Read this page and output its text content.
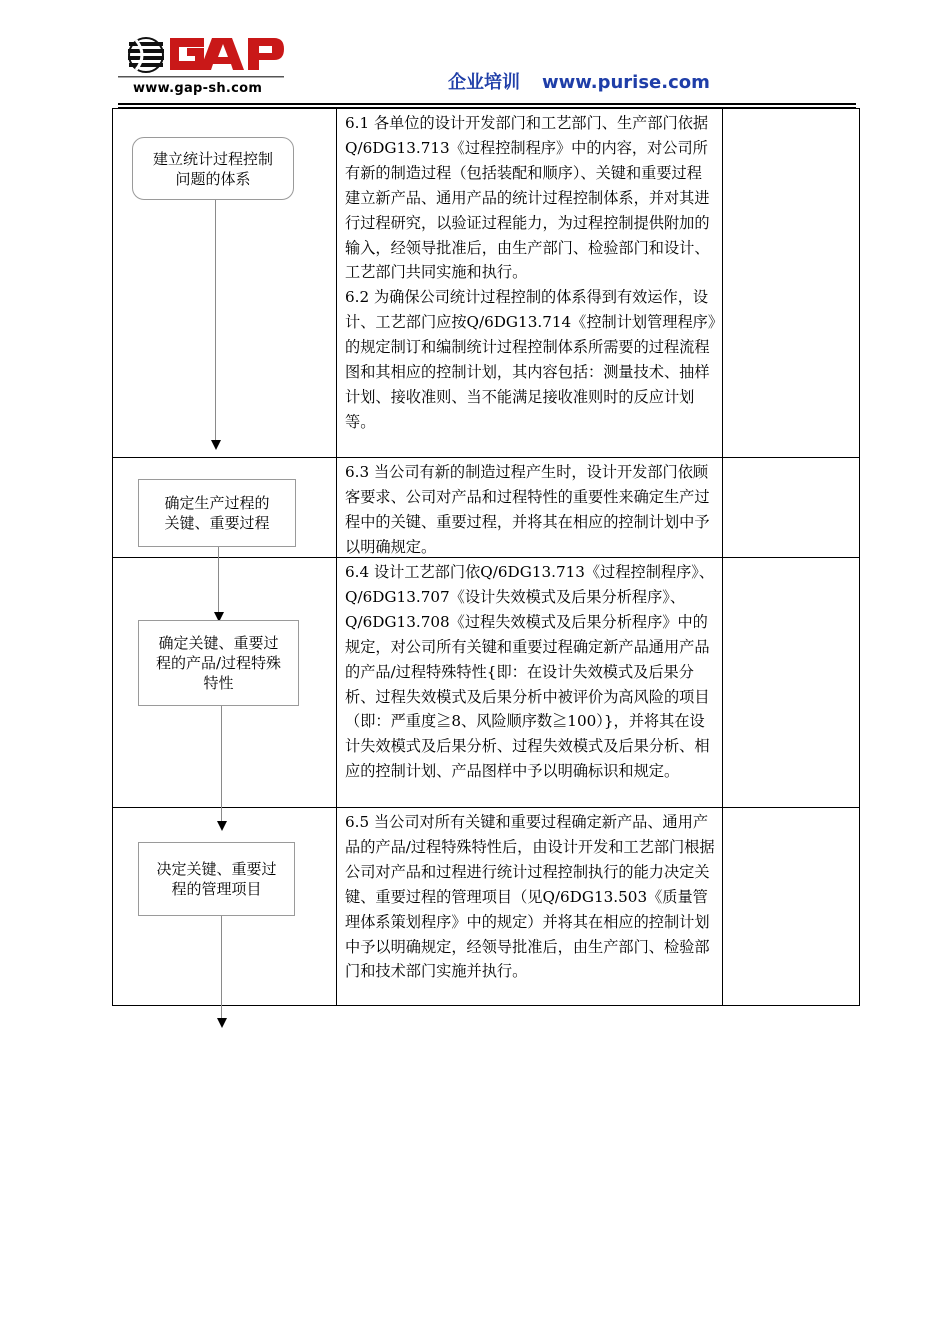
www.gap-sh.com	企业培训 www.purise.com
建立统计过程控制
问题的体系
确定生产过程的
关键、重要过程
确定关键、重要过
程的产品/过程特殊
特性
决定关键、重要过
程的管理项目
6.1 各单位的设计开发部门和工艺部门、生产部门依据Q/6DG13.713《过程控制程序》中的内容，对公司所有新的制造过程（包括装配和顺序）、关键和重要过程建立新产品、通用产品的统计过程控制体系，并对其进行过程研究，以验证过程能力，为过程控制提供附加的输入，经领导批准后，由生产部门、检验部门和设计、工艺部门共同实施和执行。
6.2 为确保公司统计过程控制的体系得到有效运作，设计、工艺部门应按Q/6DG13.714《控制计划管理程序》的规定制订和编制统计过程控制体系所需要的过程流程图和其相应的控制计划，其内容包括：测量技术、抽样计划、接收准则、当不能满足接收准则时的反应计划等。
6.3 当公司有新的制造过程产生时，设计开发部门依顾客要求、公司对产品和过程特性的重要性来确定生产过程中的关键、重要过程，并将其在相应的控制计划中予以明确规定。
6.4 设计工艺部门依Q/6DG13.713《过程控制程序》、Q/6DG13.707《设计失效模式及后果分析程序》、Q/6DG13.708《过程失效模式及后果分析程序》中的规定，对公司所有关键和重要过程确定新产品通用产品的产品/过程特殊特性{即：在设计失效模式及后果分析、过程失效模式及后果分析中被评价为高风险的项目（即：严重度≧8、风险顺序数≧100）}，并将其在设计失效模式及后果分析、过程失效模式及后果分析、相应的控制计划、产品图样中予以明确标识和规定。
6.5 当公司对所有关键和重要过程确定新产品、通用产品的产品/过程特殊特性后，由设计开发和工艺部门根据公司对产品和过程进行统计过程控制执行的能力决定关键、重要过程的管理项目（见Q/6DG13.503《质量管理体系策划程序》中的规定）并将其在相应的控制计划中予以明确规定，经领导批准后，由生产部门、检验部门和技术部门实施并执行。
